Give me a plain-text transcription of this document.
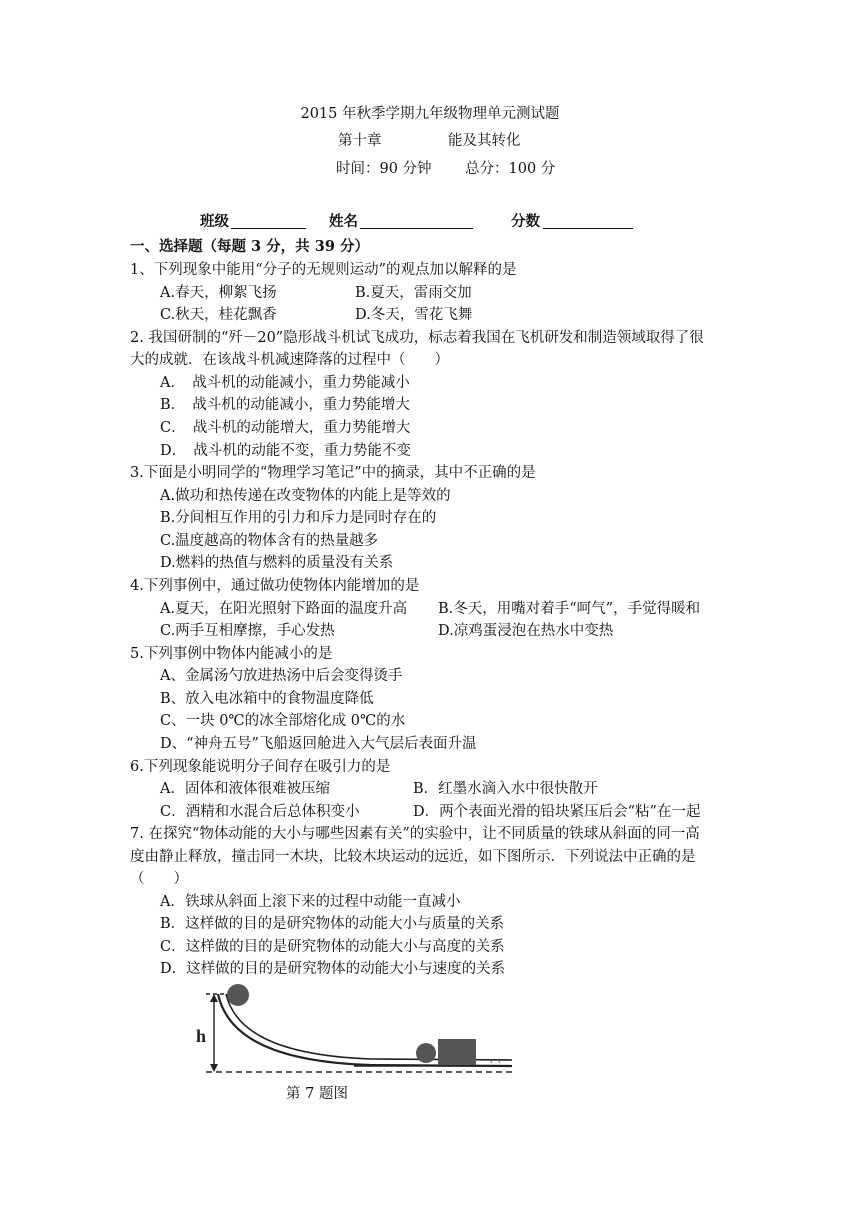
2015 年秋季学期九年级物理单元测试题
第十章	能及其转化
时间：90 分钟 总分：100 分
班级	姓名	分数
一、选择题（每题 3 分，共 39 分）
1、下列现象中能用“分子的无规则运动”的观点加以解释的是
A.春天，柳絮飞扬	B.夏天，雷雨交加
C.秋天，桂花飘香	D.冬天，雪花飞舞
2. 我国研制的“歼－20”隐形战斗机试飞成功，标志着我国在飞机研发和制造领域取得了很
大的成就．在该战斗机减速降落的过程中（　　）
A．　战斗机的动能减小，重力势能减小
B．　战斗机的动能减小，重力势能增大
C．　战斗机的动能增大，重力势能增大
D．　战斗机的动能不变，重力势能不变
3.下面是小明同学的“物理学习笔记”中的摘录，其中不正确的是
A.做功和热传递在改变物体的内能上是等效的
B.分间相互作用的引力和斥力是同时存在的
C.温度越高的物体含有的热量越多
D.燃料的热值与燃料的质量没有关系
4.下列事例中，通过做功使物体内能增加的是
A.夏天，在阳光照射下路面的温度升高 B.冬天，用嘴对着手“呵气”，手觉得暖和
C.两手互相摩擦，手心发热	D.凉鸡蛋浸泡在热水中变热
5.下列事例中物体内能减小的是
A、金属汤勺放进热汤中后会变得烫手
B、放入电冰箱中的食物温度降低
C、一块 0℃的冰全部熔化成 0℃的水
D、“神舟五号”飞船返回舱进入大气层后表面升温
6.下列现象能说明分子间存在吸引力的是
A．固体和液体很难被压缩	B．红墨水滴入水中很快散开
C．酒精和水混合后总体积变小	D．两个表面光滑的铅块紧压后会“粘”在一起
7. 在探究“物体动能的大小与哪些因素有关”的实验中，让不同质量的铁球从斜面的同一高
度由静止释放，撞击同一木块，比较木块运动的远近，如下图所示．下列说法中正确的是
（　　）
A．铁球从斜面上滚下来的过程中动能一直减小
B．这样做的目的是研究物体的动能大小与质量的关系
C．这样做的目的是研究物体的动能大小与高度的关系
D．这样做的目的是研究物体的动能大小与速度的关系
h
第 7 题图
